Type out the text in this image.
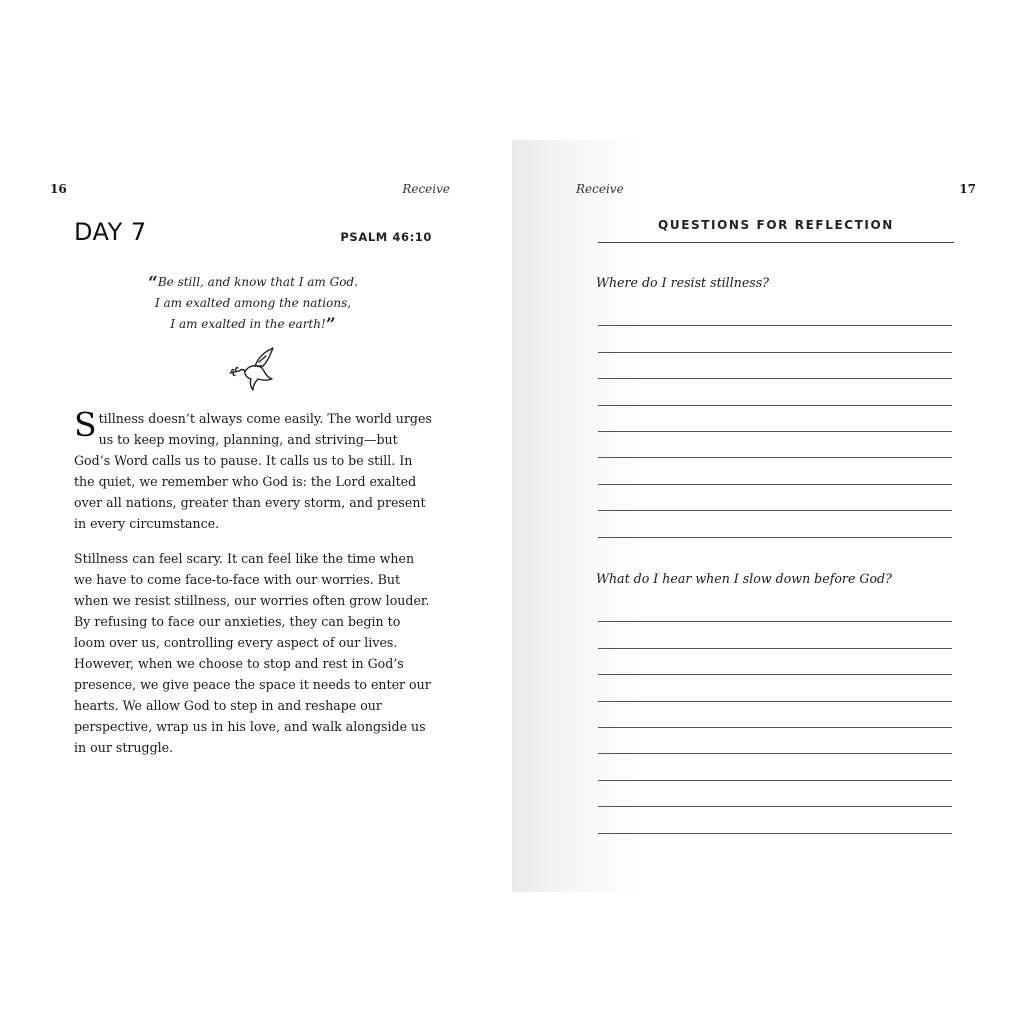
16	Receive
DAY 7	PSALM 46:10
“Be still, and know that I am God.
I am exalted among the nations,
I am exalted in the earth!”
Stillness doesn’t always come easily. The world urges us to keep moving, planning, and striving—but God’s Word calls us to pause. It calls us to be still. In the quiet, we remember who God is: the Lord exalted over all nations, greater than every storm, and present in every circumstance.
Stillness can feel scary. It can feel like the time when we have to come face-to-face with our worries. But when we resist stillness, our worries often grow louder. By refusing to face our anxieties, they can begin to loom over us, controlling every aspect of our lives. However, when we choose to stop and rest in God’s presence, we give peace the space it needs to enter our hearts. We allow God to step in and reshape our perspective, wrap us in his love, and walk alongside us in our struggle.
Receive	17
QUESTIONS FOR REFLECTION
Where do I resist stillness?
What do I hear when I slow down before God?
